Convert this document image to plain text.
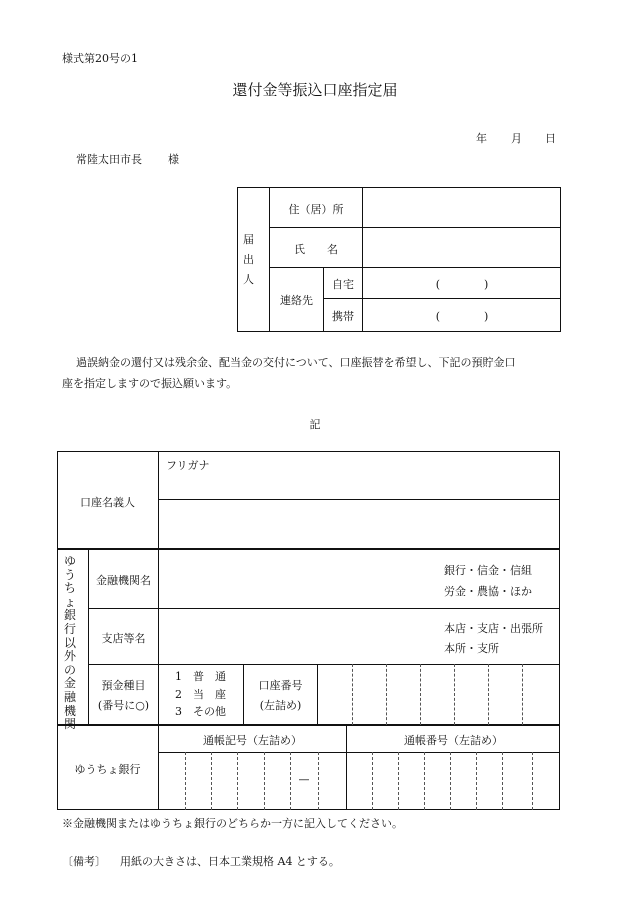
様式第20号の1
還付金等振込口座指定届
年 月 日
常陸太田市長 様
届
出
人
住（居）所
氏　　名
連絡先
自宅
携帯
(　　　　)
(　　　　)
過誤納金の還付又は残余金、配当金の交付について、口座振替を希望し、下記の預貯金口
座を指定しますので振込願います。
記
口座名義人
フリガナ
ゆうちょ銀行以外の金融機関
金融機関名
銀行・信金・信組
労金・農協・ほか
支店等名
本店・支店・出張所
本所・支所
預金種目
(番号に○)
1　普　通
2　当　座
3　その他
口座番号
(左詰め)
ゆうちょ銀行
通帳記号（左詰め）	通帳番号（左詰め）
—
※金融機関またはゆうちょ銀行のどちらか一方に記入してください。
〔備考〕 用紙の大きさは、日本工業規格 A4 とする。
